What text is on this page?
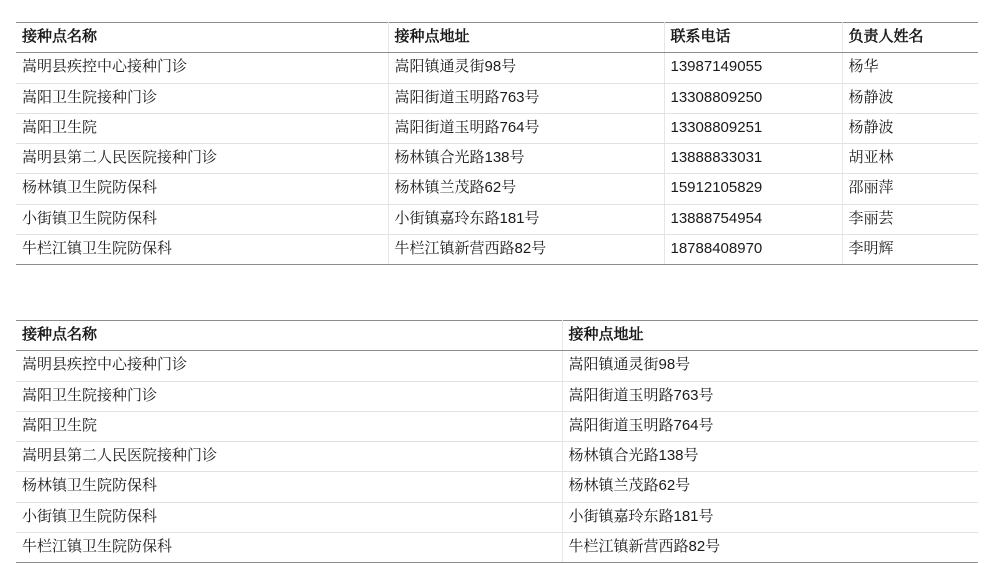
接种点名称	接种点地址	联系电话	负责人姓名
嵩明县疾控中心接种门诊	嵩阳镇通灵街98号	13987149055	杨华
嵩阳卫生院接种门诊	嵩阳街道玉明路763号	13308809250	杨静波
嵩阳卫生院	嵩阳街道玉明路764号	13308809251	杨静波
嵩明县第二人民医院接种门诊	杨林镇合光路138号	13888833031	胡亚林
杨林镇卫生院防保科	杨林镇兰茂路62号	15912105829	邵丽萍
小街镇卫生院防保科	小街镇嘉玲东路181号	13888754954	李丽芸
牛栏江镇卫生院防保科	牛栏江镇新营西路82号	18788408970	李明辉
接种点名称	接种点地址
嵩明县疾控中心接种门诊	嵩阳镇通灵街98号
嵩阳卫生院接种门诊	嵩阳街道玉明路763号
嵩阳卫生院	嵩阳街道玉明路764号
嵩明县第二人民医院接种门诊	杨林镇合光路138号
杨林镇卫生院防保科	杨林镇兰茂路62号
小街镇卫生院防保科	小街镇嘉玲东路181号
牛栏江镇卫生院防保科	牛栏江镇新营西路82号
